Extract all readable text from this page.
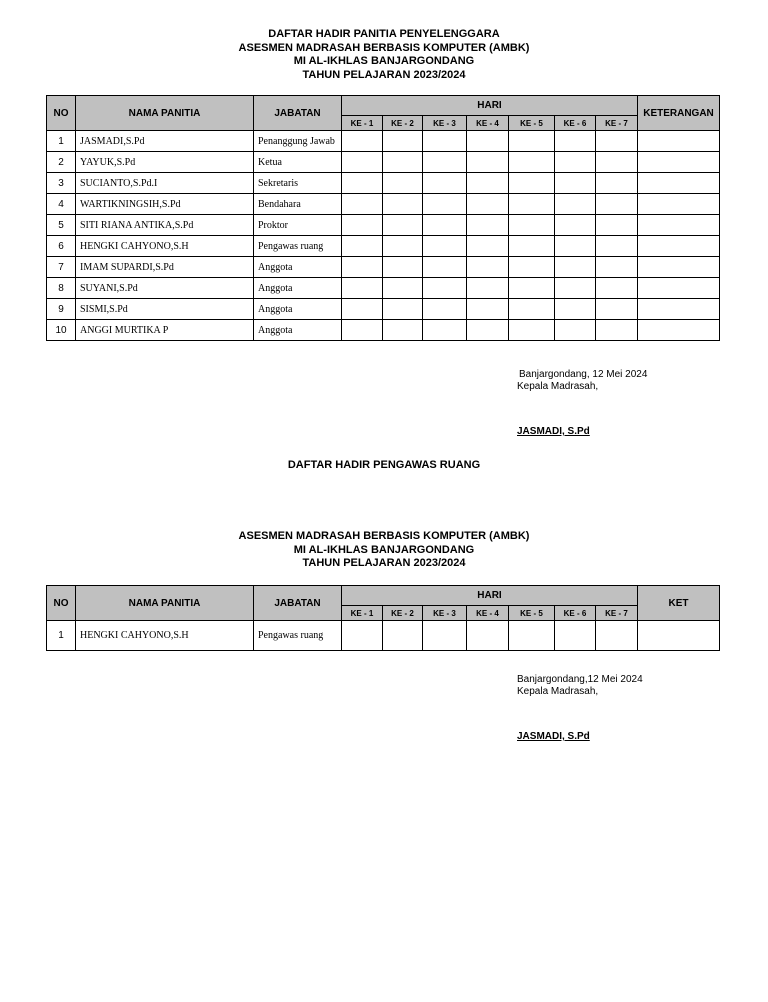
DAFTAR HADIR PANITIA PENYELENGGARA
ASESMEN MADRASAH BERBASIS KOMPUTER (AMBK)
MI AL-IKHLAS BANJARGONDANG
TAHUN PELAJARAN 2023/2024
NO	NAMA PANITIA	JABATAN	HARI							KETERANGAN
			KE - 1	KE - 2	KE - 3	KE - 4	KE - 5	KE - 6	KE - 7	
1	JASMADI,S.Pd	Penanggung Jawab								
2	YAYUK,S.Pd	Ketua								
3	SUCIANTO,S.Pd.I	Sekretaris								
4	WARTIKNINGSIH,S.Pd	Bendahara								
5	SITI RIANA ANTIKA,S.Pd	Proktor								
6	HENGKI CAHYONO,S.H	Pengawas ruang								
7	IMAM SUPARDI,S.Pd	Anggota								
8	SUYANI,S.Pd	Anggota								
9	SISMI,S.Pd	Anggota								
10	ANGGI MURTIKA P	Anggota								
Banjargondang, 12 Mei 2024
Kepala Madrasah,
JASMADI, S.Pd
DAFTAR HADIR PENGAWAS RUANG
ASESMEN MADRASAH BERBASIS KOMPUTER (AMBK)
MI AL-IKHLAS BANJARGONDANG
TAHUN PELAJARAN 2023/2024
NO	NAMA PANITIA	JABATAN	HARI							KET
			KE - 1	KE - 2	KE - 3	KE - 4	KE - 5	KE - 6	KE - 7	
1	HENGKI CAHYONO,S.H	Pengawas ruang								
Banjargondang,12 Mei 2024
Kepala Madrasah,
JASMADI, S.Pd
